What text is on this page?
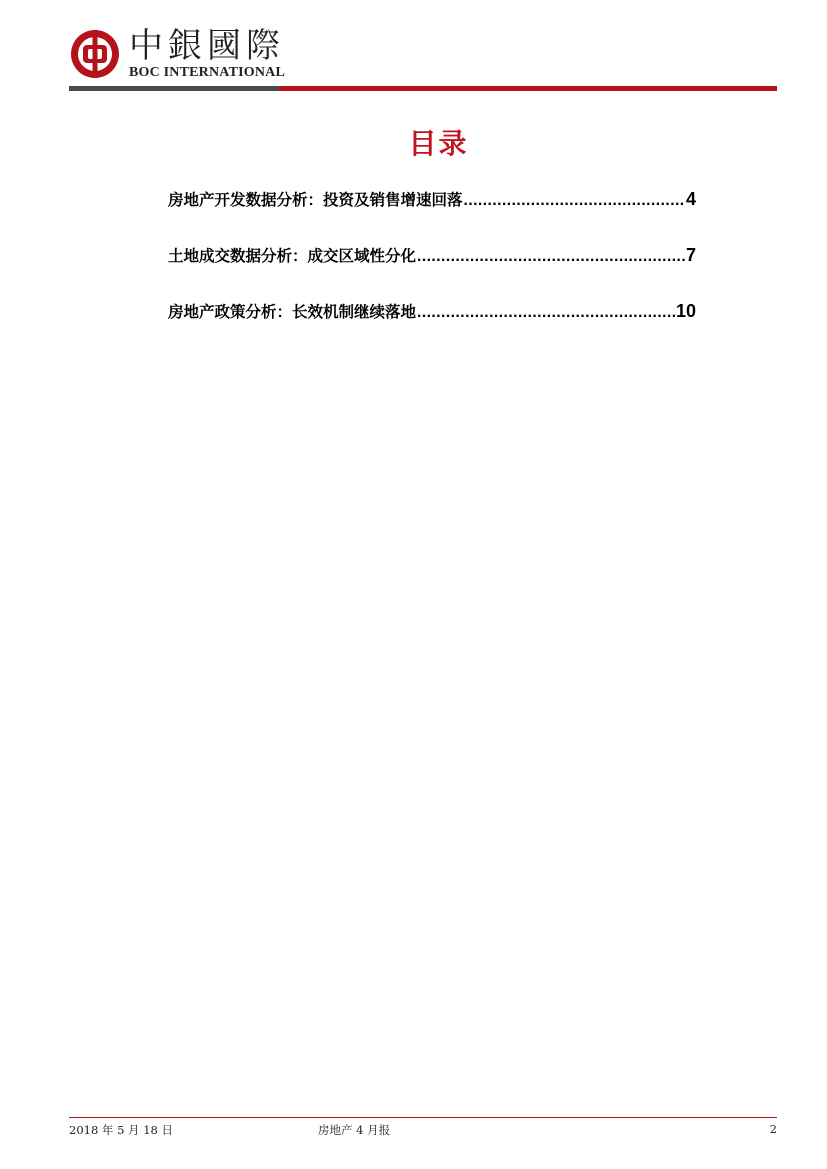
中銀國際
BOC INTERNATIONAL
目录
房地产开发数据分析：投资及销售增速回落 .....	4
土地成交数据分析：成交区域性分化 .....	7
房地产政策分析：长效机制继续落地 .....	10
2018 年 5 月 18 日	房地产 4 月报	2
